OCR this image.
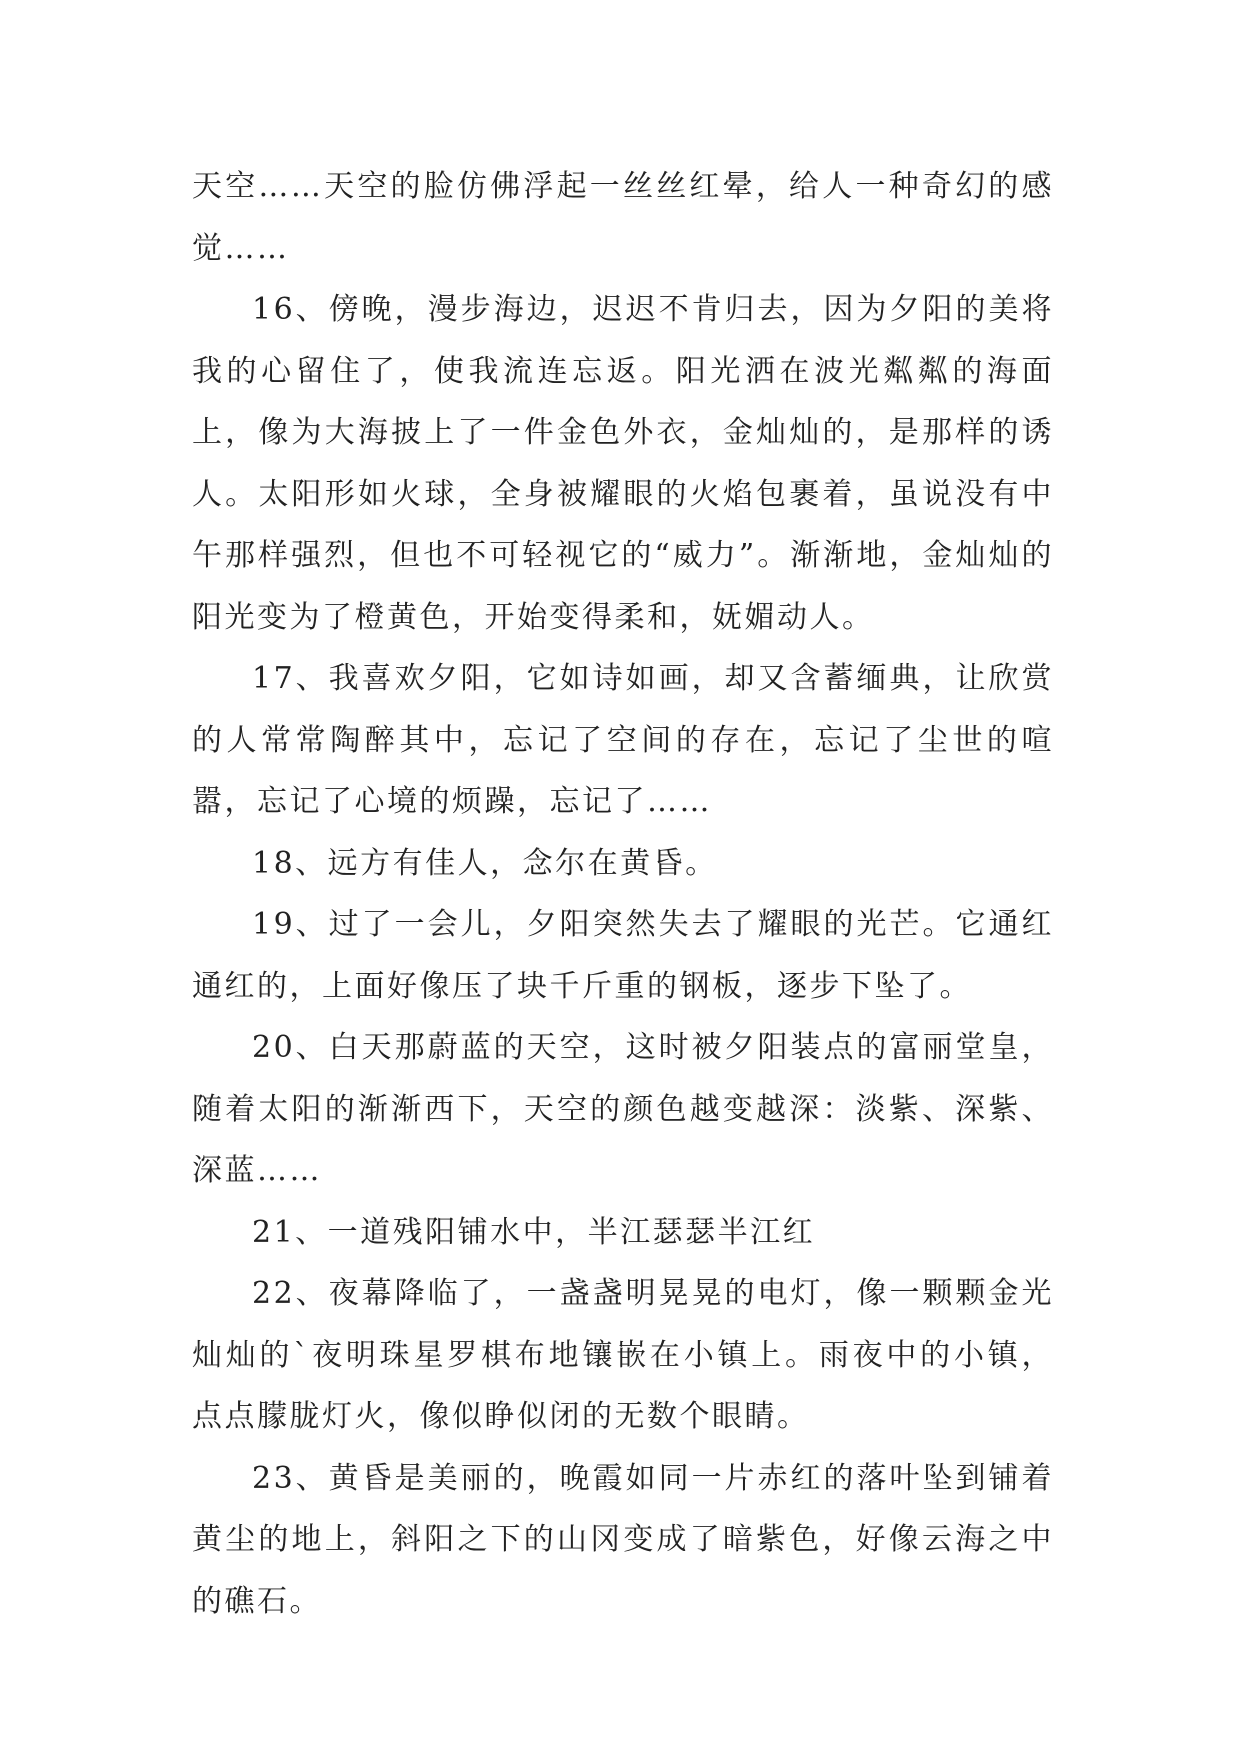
天空……天空的脸仿佛浮起一丝丝红晕，给人一种奇幻的感觉……

16、傍晚，漫步海边，迟迟不肯归去，因为夕阳的美将我的心留住了，使我流连忘返。阳光洒在波光粼粼的海面上，像为大海披上了一件金色外衣，金灿灿的，是那样的诱人。太阳形如火球，全身被耀眼的火焰包裹着，虽说没有中午那样强烈，但也不可轻视它的“威力”。渐渐地，金灿灿的阳光变为了橙黄色，开始变得柔和，妩媚动人。

17、我喜欢夕阳，它如诗如画，却又含蓄缅典，让欣赏的人常常陶醉其中，忘记了空间的存在，忘记了尘世的喧嚣，忘记了心境的烦躁，忘记了……

18、远方有佳人，念尔在黄昏。

19、过了一会儿，夕阳突然失去了耀眼的光芒。它通红通红的，上面好像压了块千斤重的钢板，逐步下坠了。

20、白天那蔚蓝的天空，这时被夕阳装点的富丽堂皇，随着太阳的渐渐西下，天空的颜色越变越深：淡紫、深紫、深蓝……

21、一道残阳铺水中，半江瑟瑟半江红

22、夜幕降临了，一盏盏明晃晃的电灯，像一颗颗金光灿灿的`夜明珠星罗棋布地镶嵌在小镇上。雨夜中的小镇，点点朦胧灯火，像似睁似闭的无数个眼睛。

23、黄昏是美丽的，晚霞如同一片赤红的落叶坠到铺着黄尘的地上，斜阳之下的山冈变成了暗紫色，好像云海之中的礁石。
